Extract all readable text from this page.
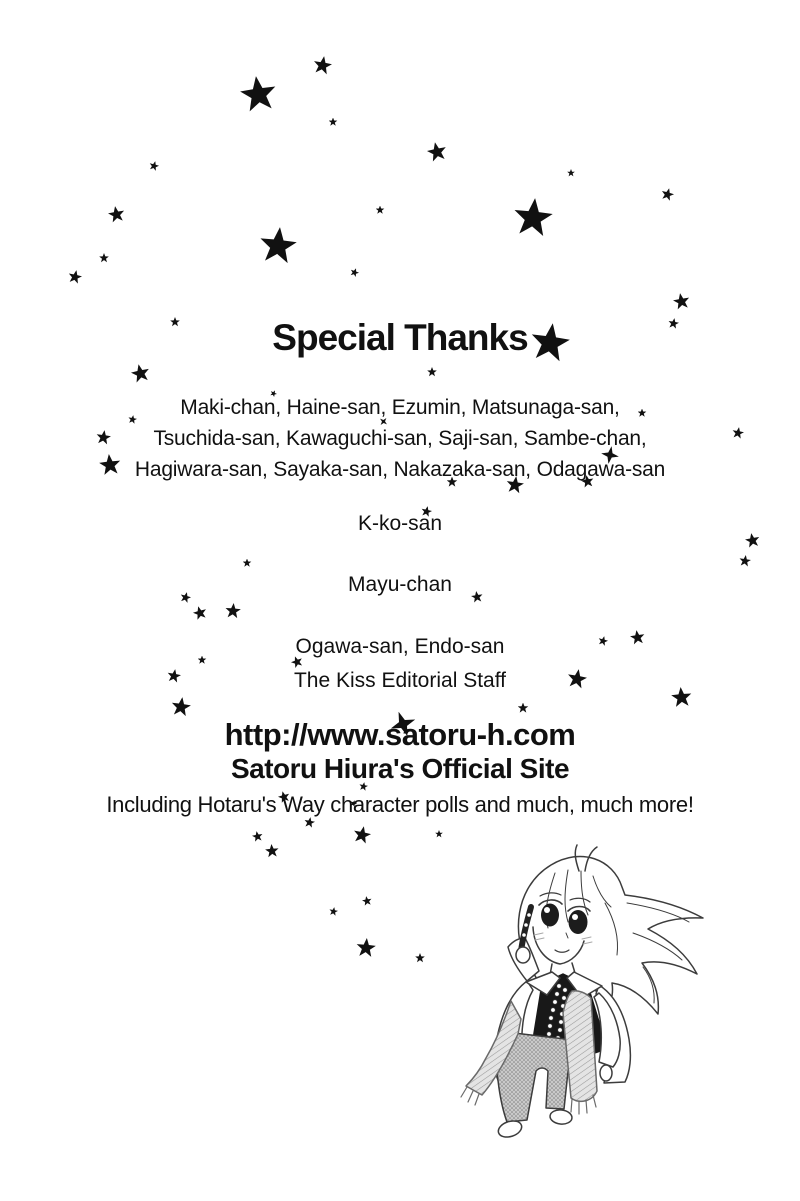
Special Thanks
Maki-chan, Haine-san, Ezumin, Matsunaga-san,
Tsuchida-san, Kawaguchi-san, Saji-san, Sambe-chan,
Hagiwara-san, Sayaka-san, Nakazaka-san, Odagawa-san
K-ko-san
Mayu-chan
Ogawa-san, Endo-san
The Kiss Editorial Staff
http://www.satoru-h.com
Satoru Hiura's Official Site
Including Hotaru's Way character polls and much, much more!
